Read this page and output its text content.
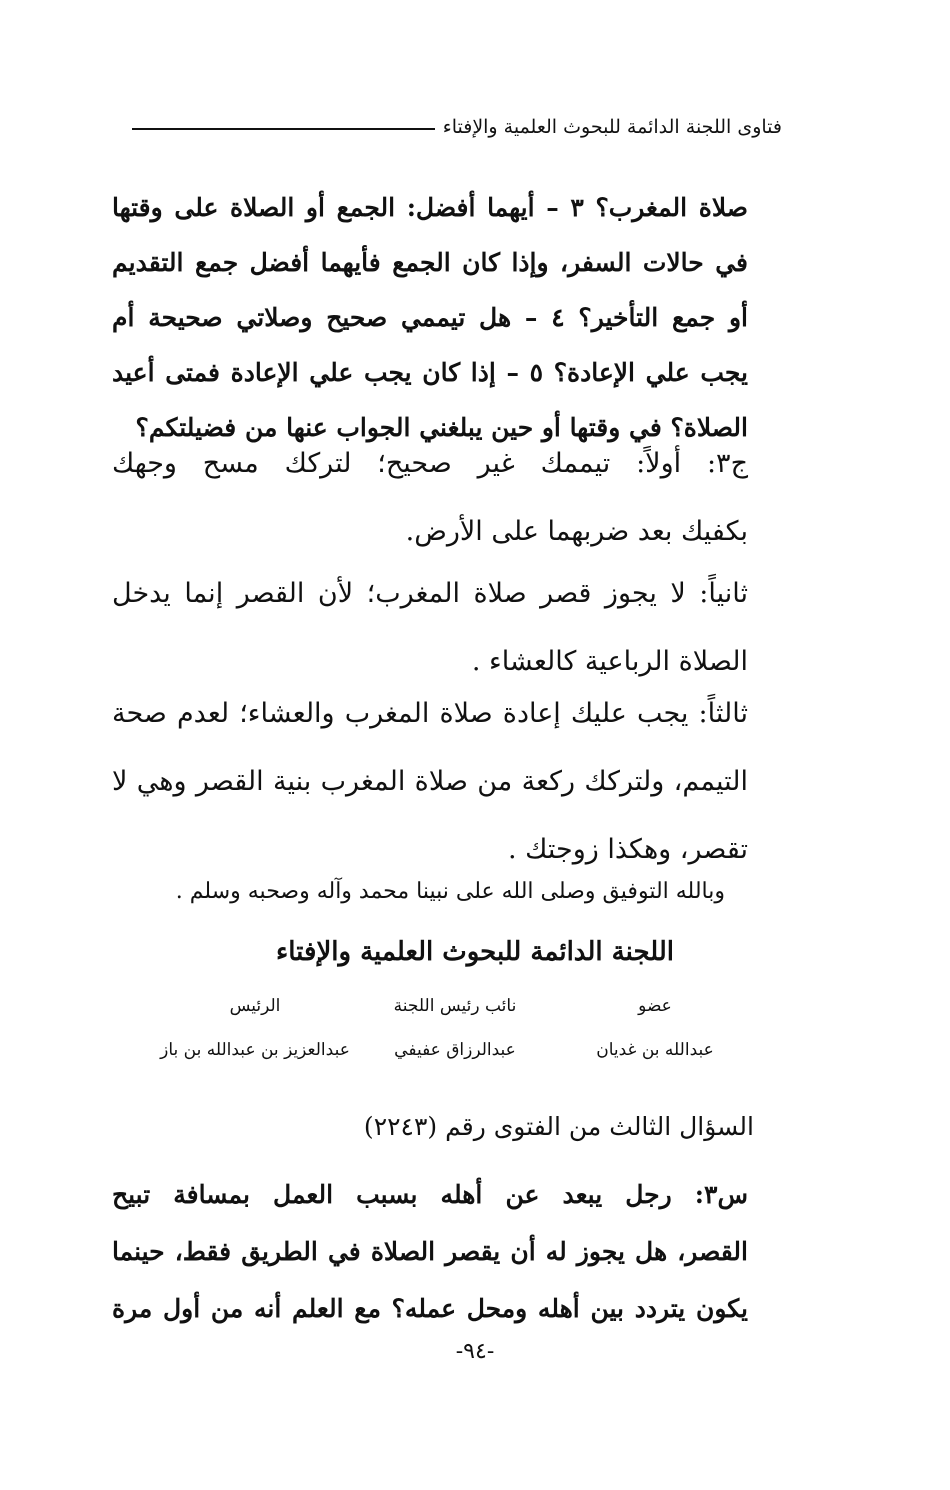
فتاوى اللجنة الدائمة للبحوث العلمية والإفتاء
صلاة المغرب؟ ٣ – أيهما أفضل: الجمع أو الصلاة على وقتها
في حالات السفر، وإذا كان الجمع فأيهما أفضل جمع التقديم
أو جمع التأخير؟ ٤ – هل تيممي صحيح وصلاتي صحيحة أم
يجب علي الإعادة؟ ٥ – إذا كان يجب علي الإعادة فمتى أعيد
الصلاة؟ في وقتها أو حين يبلغني الجواب عنها من فضيلتكم؟
ج٣: أولاً: تيممك غير صحيح؛ لتركك مسح وجهك
بكفيك بعد ضربهما على الأرض.
ثانياً: لا يجوز قصر صلاة المغرب؛ لأن القصر إنما يدخل
الصلاة الرباعية كالعشاء .
ثالثاً: يجب عليك إعادة صلاة المغرب والعشاء؛ لعدم صحة
التيمم، ولتركك ركعة من صلاة المغرب بنية القصر وهي لا
تقصر، وهكذا زوجتك .
وبالله التوفيق وصلى الله على نبينا محمد وآله وصحبه وسلم .
اللجنة الدائمة للبحوث العلمية والإفتاء
عضو
نائب رئيس اللجنة
الرئيس
عبدالله بن غديان
عبدالرزاق عفيفي
عبدالعزيز بن عبدالله بن باز
السؤال الثالث من الفتوى رقم (٢٢٤٣)
س٣: رجل يبعد عن أهله بسبب العمل بمسافة تبيح
القصر، هل يجوز له أن يقصر الصلاة في الطريق فقط، حينما
يكون يتردد بين أهله ومحل عمله؟ مع العلم أنه من أول مرة
-٩٤-
